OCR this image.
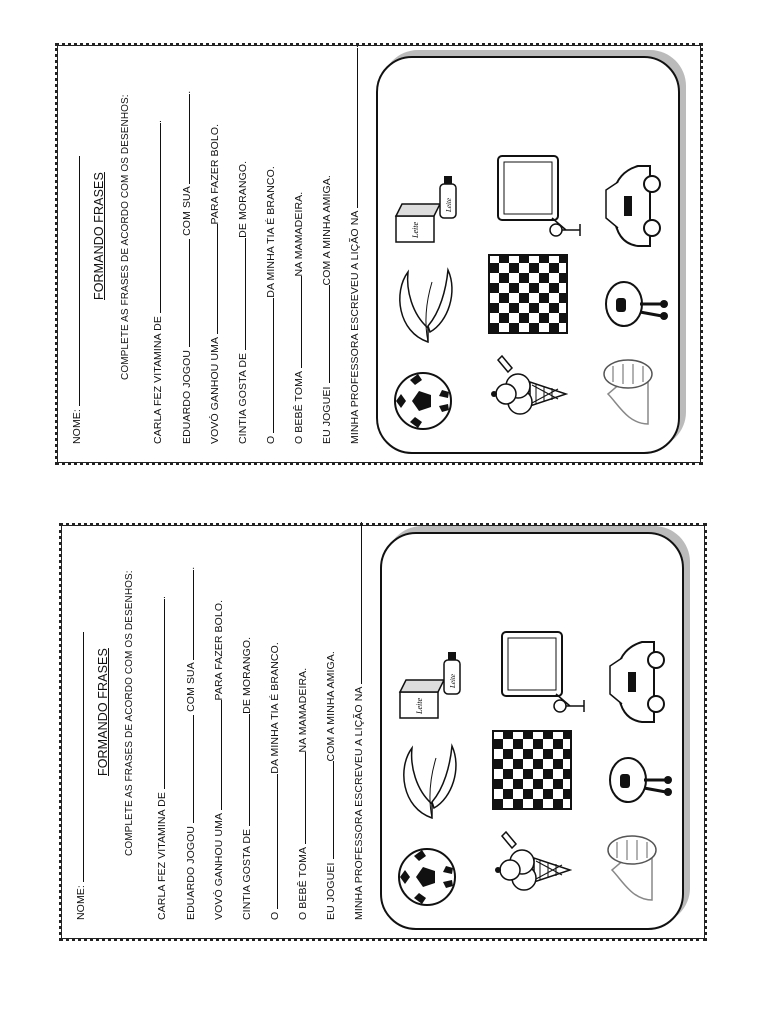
NOME:
FORMANDO FRASES COMPLETE AS FRASES DE ACORDO COM OS DESENHOS:
CARLA FEZ VITAMINA DE .
EDUARDO JOGOU  COM SUA .
VOVÓ GANHOU UMA PARA FAZER BOLO.
CINTIA GOSTA DE DE MORANGO.
O DA MINHA TIA É BRANCO.
O BEBÊ TOMA NA MAMADEIRA.
EU JOGUEI COM A MINHA AMIGA. MINHA PROFESSORA ESCREVEU A LIÇÃO NA .
Leite
Leite
NOME:
FORMANDO FRASES COMPLETE AS FRASES DE ACORDO COM OS DESENHOS:
CARLA FEZ VITAMINA DE .
EDUARDO JOGOU  COM SUA .
VOVÓ GANHOU UMA PARA FAZER BOLO.
CINTIA GOSTA DE DE MORANGO.
O DA MINHA TIA É BRANCO.
O BEBÊ TOMA NA MAMADEIRA.
EU JOGUEI COM A MINHA AMIGA. MINHA PROFESSORA ESCREVEU A LIÇÃO NA .
Leite
Leite
